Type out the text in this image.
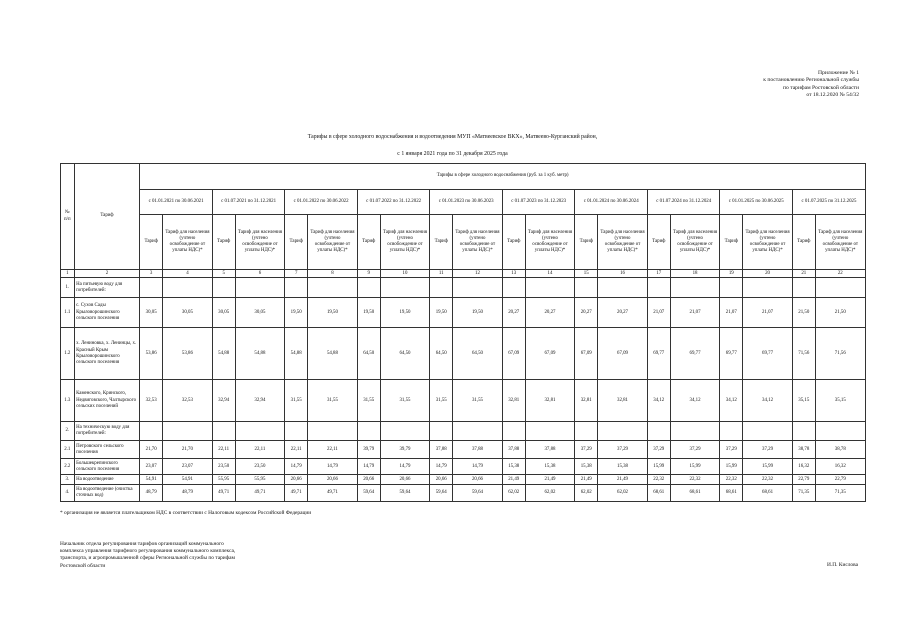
Приложение № 1
к постановлению Региональной службы
по тарифам Ростовской области
от 18.12.2020 № 54/32
Тарифы в сфере холодного водоснабжения и водоотведения МУП «Матвеевское ВКХ», Матвеево-Курганский район,
с 1 января 2021 года по 31 декабря 2025 года
№ п/п	Тариф	Тарифы в сфере холодного водоснабжения (руб. за 1 куб. метр)																			
		с 01.01.2021 по 30.06.2021		с 01.07.2021 по 31.12.2021		с 01.01.2022 по 30.06.2022		с 01.07.2022 по 31.12.2022		с 01.01.2023 по 30.06.2023		с 01.07.2023 по 31.12.2023		с 01.01.2024 по 30.06.2024		с 01.07.2024 по 31.12.2024		с 01.01.2025 по 30.06.2025		с 01.07.2025 по 31.12.2025	
		Тариф	Тариф для населения (учтено освобождение от уплаты НДС)*	Тариф	Тариф для населения (учтено освобождение от уплаты НДС)*	Тариф	Тариф для населения (учтено освобождение от уплаты НДС)*	Тариф	Тариф для населения (учтено освобождение от уплаты НДС)*	Тариф	Тариф для населения (учтено освобождение от уплаты НДС)*	Тариф	Тариф для населения (учтено освобождение от уплаты НДС)*	Тариф	Тариф для населения (учтено освобождение от уплаты НДС)*	Тариф	Тариф для населения (учтено освобождение от уплаты НДС)*	Тариф	Тариф для населения (учтено освобождение от уплаты НДС)*	Тариф	Тариф для населения (учтено освобождение от уплаты НДС)*
1	2	3	4	5	6	7	8	9	10	11	12	13	14	15	16	17	18	19	20	21	22
1.	На питьевую воду для потребителей:																				
1.1	с. Сухов Сады Крыловорошинского сельского поселения	30,05	30,05	30,05	30,05	19,50	19,50	19,50	19,50	19,50	19,50	20,27	20,27	20,27	20,27	21,07	21,07	21,07	21,07	21,50	21,50
1.2	х. Лениновка, х. Ленинцы, х. Красный Крым Крыловорошинского сельского поселения	53,86	53,86	54,88	54,88	54,88	54,88	64,50	64,50	64,50	64,50	67,09	67,09	67,09	67,09	69,77	69,77	69,77	69,77	71,56	71,56
1.3	Каменского, Кринского, Недвиговского, Чалтырского сельских поселений	32,53	32,53	32,94	32,94	31,55	31,55	31,55	31,55	31,55	31,55	32,81	32,81	32,81	32,81	34,12	34,12	34,12	34,12	35,15	35,15
2.	На техническую воду для потребителей:																				
2.1	Петровского сельского поселения	21,70	21,70	22,11	22,11	22,11	22,11	39,79	39,79	37,88	37,88	37,88	37,88	37,29	37,29	37,29	37,29	37,29	37,29	38,78	38,78
2.2	Большекрепинского сельского поселения	23,07	23,07	23,50	23,50	14,79	14,79	14,79	14,79	14,79	14,79	15,38	15,38	15,38	15,38	15,99	15,99	15,99	15,99	16,32	16,32
3.	На водоотведение	54,91	54,91	55,95	55,95	20,66	20,66	20,66	20,66	20,66	20,66	21,49	21,49	21,49	21,49	22,32	22,32	22,32	22,32	22,79	22,79
4.	На водоотведение (очистка сточных вод)	48,79	48,79	49,71	49,71	49,71	49,71	59,64	59,64	59,64	59,64	62,02	62,02	62,02	62,02	68,61	68,61	68,61	68,61	71,35	71,35
* организация не является плательщиком НДС в соответствии с Налоговым кодексом Российской Федерации
Начальник отдела регулирования тарифов организаций коммунального
комплекса управления тарифного регулирования коммунального комплекса,
транспорта, и агропромышленной сферы Региональной службы по тарифам
Ростовской области	И.П. Кислова
